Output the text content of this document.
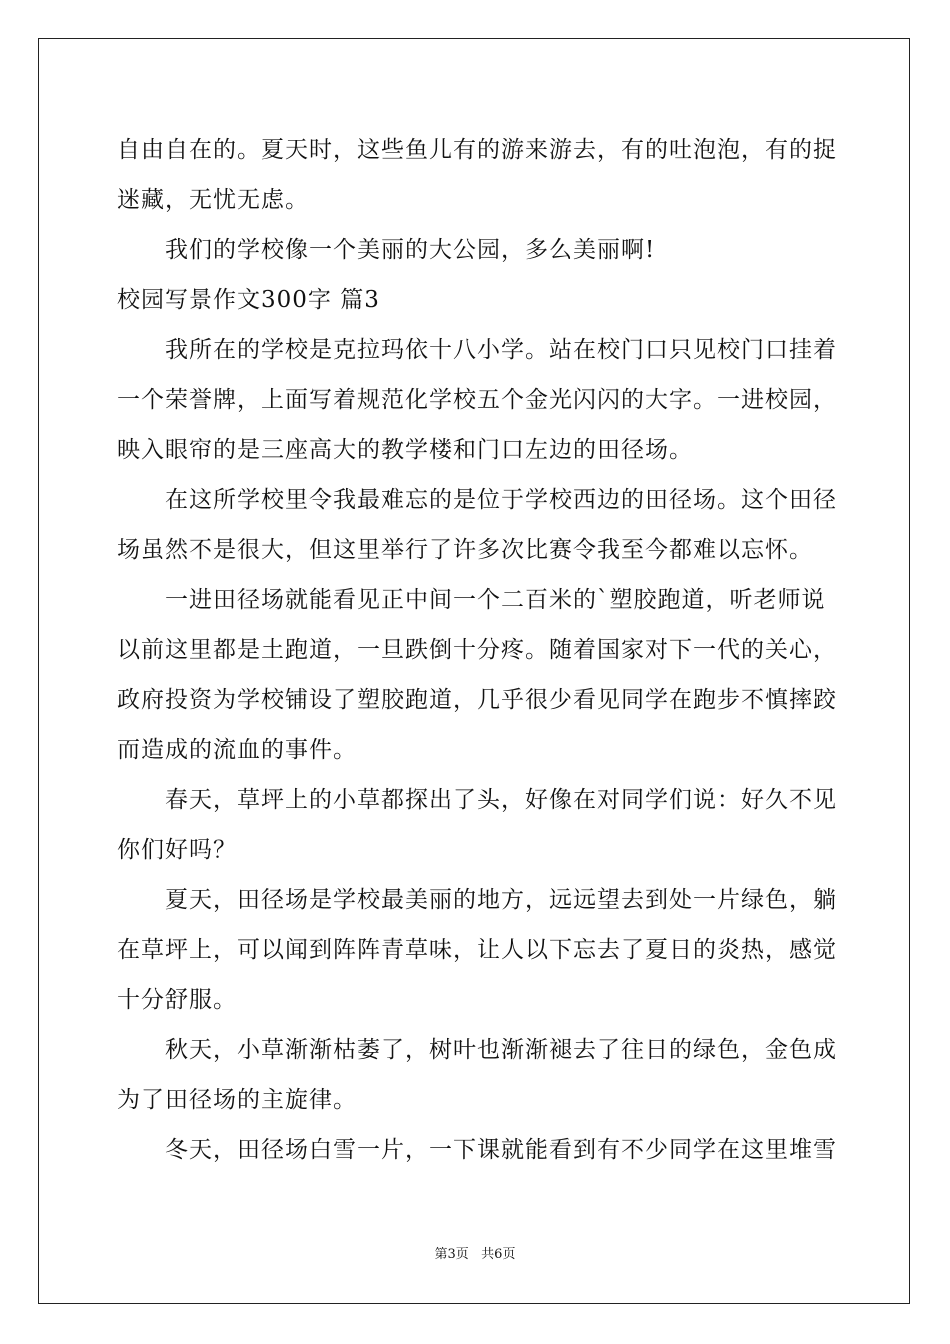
自由自在的。夏天时，这些鱼儿有的游来游去，有的吐泡泡，有的捉
迷藏，无忧无虑。
我们的学校像一个美丽的大公园，多么美丽啊!
校园写景作文300字 篇3
我所在的学校是克拉玛依十八小学。站在校门口只见校门口挂着
一个荣誉牌，上面写着规范化学校五个金光闪闪的大字。一进校园，
映入眼帘的是三座高大的教学楼和门口左边的田径场。
在这所学校里令我最难忘的是位于学校西边的田径场。这个田径
场虽然不是很大，但这里举行了许多次比赛令我至今都难以忘怀。
一进田径场就能看见正中间一个二百米的`塑胶跑道，听老师说
以前这里都是土跑道，一旦跌倒十分疼。随着国家对下一代的关心，
政府投资为学校铺设了塑胶跑道，几乎很少看见同学在跑步不慎摔跤
而造成的流血的事件。
春天，草坪上的小草都探出了头，好像在对同学们说：好久不见
你们好吗？
夏天，田径场是学校最美丽的地方，远远望去到处一片绿色，躺
在草坪上，可以闻到阵阵青草味，让人以下忘去了夏日的炎热，感觉
十分舒服。
秋天，小草渐渐枯萎了，树叶也渐渐褪去了往日的绿色，金色成
为了田径场的主旋律。
冬天，田径场白雪一片，一下课就能看到有不少同学在这里堆雪
第3页   共6页
